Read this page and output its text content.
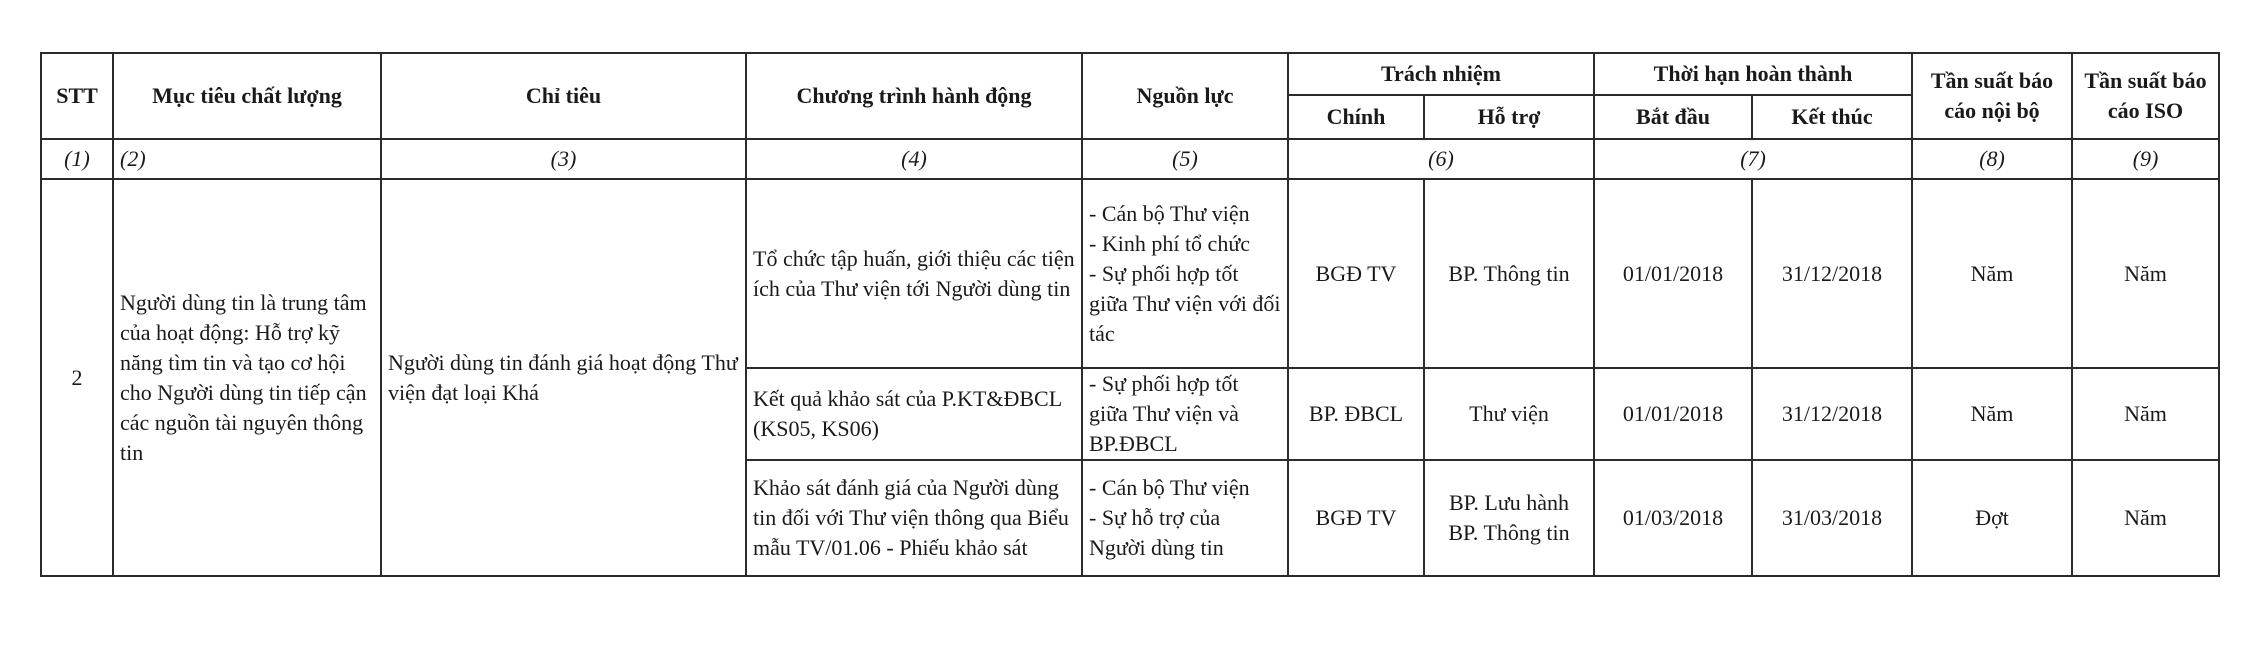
STT	Mục tiêu chất lượng	Chỉ tiêu	Chương trình hành động	Nguồn lực	Trách nhiệm		Thời hạn hoàn thành		Tần suất báo cáo nội bộ	Tần suất báo cáo ISO
					Chính	Hỗ trợ	Bắt đầu	Kết thúc		
(1)	(2)	(3)	(4)	(5)	(6)		(7)		(8)	(9)
2	Người dùng tin là trung tâm của hoạt động: Hỗ trợ kỹ năng tìm tin và tạo cơ hội cho Người dùng tin tiếp cận các nguồn tài nguyên thông tin	Người dùng tin đánh giá hoạt động Thư viện đạt loại Khá	Tổ chức tập huấn, giới thiệu các tiện ích của Thư viện tới Người dùng tin	- Cán bộ Thư viện
- Kinh phí tổ chức
- Sự phối hợp tốt giữa Thư viện với đối tác	BGĐ TV	BP. Thông tin	01/01/2018	31/12/2018	Năm	Năm
			Kết quả khảo sát của P.KT&ĐBCL (KS05, KS06)	- Sự phối hợp tốt giữa Thư viện và BP.ĐBCL	BP. ĐBCL	Thư viện	01/01/2018	31/12/2018	Năm	Năm
			Khảo sát đánh giá của Người dùng tin đối với Thư viện thông qua Biểu mẫu TV/01.06 - Phiếu khảo sát	- Cán bộ Thư viện
- Sự hỗ trợ của Người dùng tin	BGĐ TV	BP. Lưu hành
BP. Thông tin	01/03/2018	31/03/2018	Đợt	Năm
